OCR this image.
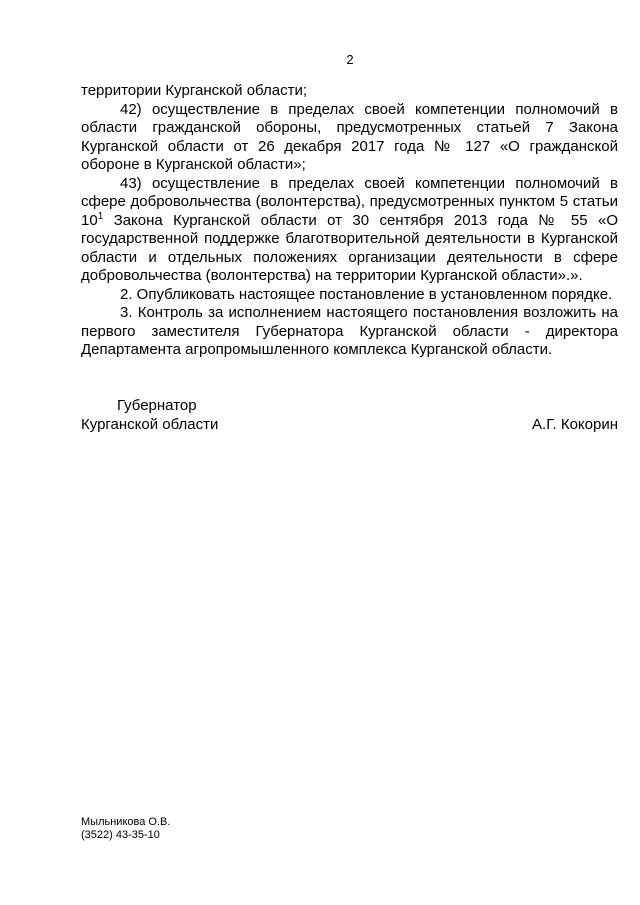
2

территории Курганской области;

42) осуществление в пределах своей компетенции полномочий в области гражданской обороны, предусмотренных статьей 7 Закона Курганской области от 26 декабря 2017 года № 127 «О гражданской обороне в Курганской области»;

43) осуществление в пределах своей компетенции полномочий в сфере добровольчества (волонтерства), предусмотренных пунктом 5 статьи $10^1$ Закона Курганской области от 30 сентября 2013 года № 55 «О государственной поддержке благотворительной деятельности в Курганской области и отдельных положениях организации деятельности в сфере добровольчества (волонтерства) на территории Курганской области».».

2. Опубликовать настоящее постановление в установленном порядке.

3. Контроль за исполнением настоящего постановления возложить на первого заместителя Губернатора Курганской области - директора Департамента агропромышленного комплекса Курганской области.

Губернатор
Курганской области	А.Г. Кокорин
Мыльникова О.В.
(3522) 43-35-10
